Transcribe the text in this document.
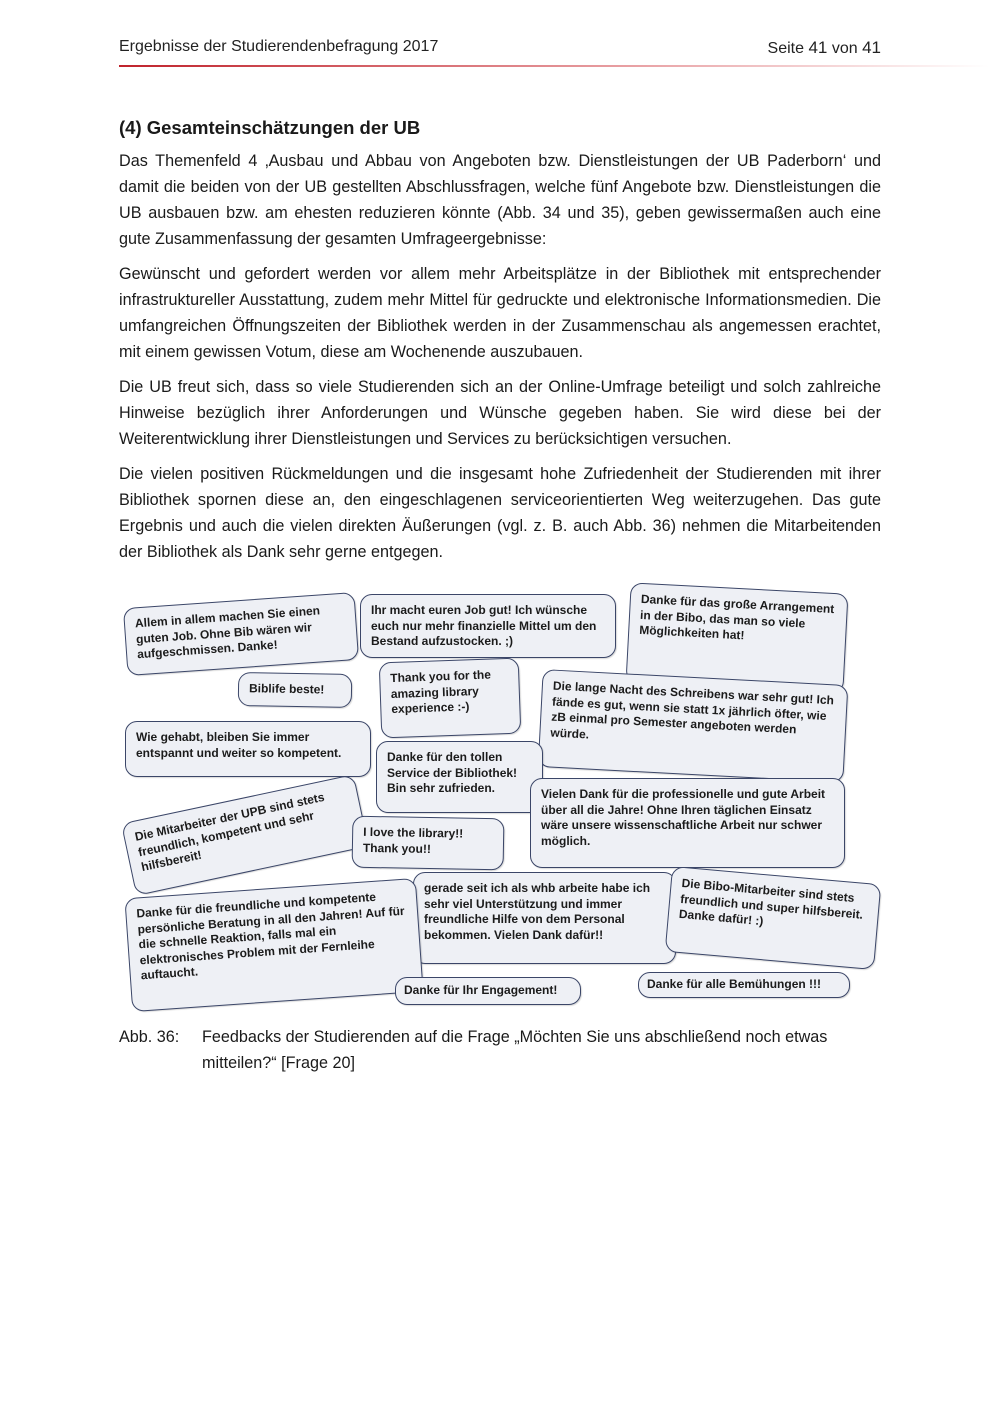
Ergebnisse der Studierendenbefragung 2017	Seite 41 von 41
(4) Gesamteinschätzungen der UB

Das Themenfeld 4 ‚Ausbau und Abbau von Angeboten bzw. Dienstleistungen der UB Paderborn‘ und damit die beiden von der UB gestellten Abschlussfragen, welche fünf Angebote bzw. Dienstleistungen die UB ausbauen bzw. am ehesten reduzieren könnte (Abb. 34 und 35), geben gewissermaßen auch eine gute Zusammenfassung der gesamten Umfrageergebnisse:

Gewünscht und gefordert werden vor allem mehr Arbeitsplätze in der Bibliothek mit entsprechender infrastruktureller Ausstattung, zudem mehr Mittel für gedruckte und elektronische Informationsmedien. Die umfangreichen Öffnungszeiten der Bibliothek werden in der Zusammenschau als angemessen erachtet, mit einem gewissen Votum, diese am Wochenende auszubauen.

Die UB freut sich, dass so viele Studierenden sich an der Online-Umfrage beteiligt und solch zahlreiche Hinweise bezüglich ihrer Anforderungen und Wünsche gegeben haben. Sie wird diese bei der Weiterentwicklung ihrer Dienstleistungen und Services zu berücksichtigen versuchen.

Die vielen positiven Rückmeldungen und die insgesamt hohe Zufriedenheit der Studierenden mit ihrer Bibliothek spornen diese an, den eingeschlagenen serviceorientierten Weg weiterzugehen. Das gute Ergebnis und auch die vielen direkten Äußerungen (vgl. z. B. auch Abb. 36) nehmen die Mitarbeitenden der Bibliothek als Dank sehr gerne entgegen.

Allem in allem machen Sie einen
guten Job. Ohne Bib wären wir
aufgeschmissen. Danke!
Ihr macht euren Job gut! Ich wünsche
euch nur mehr finanzielle Mittel um den
Bestand aufzustocken. ;)
Danke für das große Arrangement
in der Bibo, das man so viele
Möglichkeiten hat!
Biblife beste!
Thank you for the
amazing library
experience :-)
Die lange Nacht des Schreibens war sehr gut! Ich
fände es gut, wenn sie statt 1x jährlich öfter, wie
zB einmal pro Semester angeboten werden würde.
Wie gehabt, bleiben Sie immer
entspannt und weiter so kompetent.	Danke für den tollen
Service der Bibliothek!
Bin sehr zufrieden.
Die Mitarbeiter der UPB sind stets
freundlich, kompetent und sehr
hilfsbereit!
Vielen Dank für die professionelle und gute Arbeit
über all die Jahre! Ohne Ihren täglichen Einsatz
wäre unsere wissenschaftliche Arbeit nur schwer
möglich.
I love the library!!
Thank you!!
gerade seit ich als whb arbeite habe ich
sehr viel Unterstützung und immer
freundliche Hilfe von dem Personal
bekommen. Vielen Dank dafür!!
Die Bibo-Mitarbeiter sind stets
freundlich und super hilfsbereit.
Danke dafür! :)
Danke für die freundliche und kompetente
persönliche Beratung in all den Jahren! Auf für
die schnelle Reaktion, falls mal ein
elektronisches Problem mit der Fernleihe
auftaucht.
Danke für Ihr Engagement!	Danke für alle Bemühungen !!!
Abb. 36: Feedbacks der Studierenden auf die Frage „Möchten Sie uns abschließend noch etwas mitteilen?“ [Frage 20]
